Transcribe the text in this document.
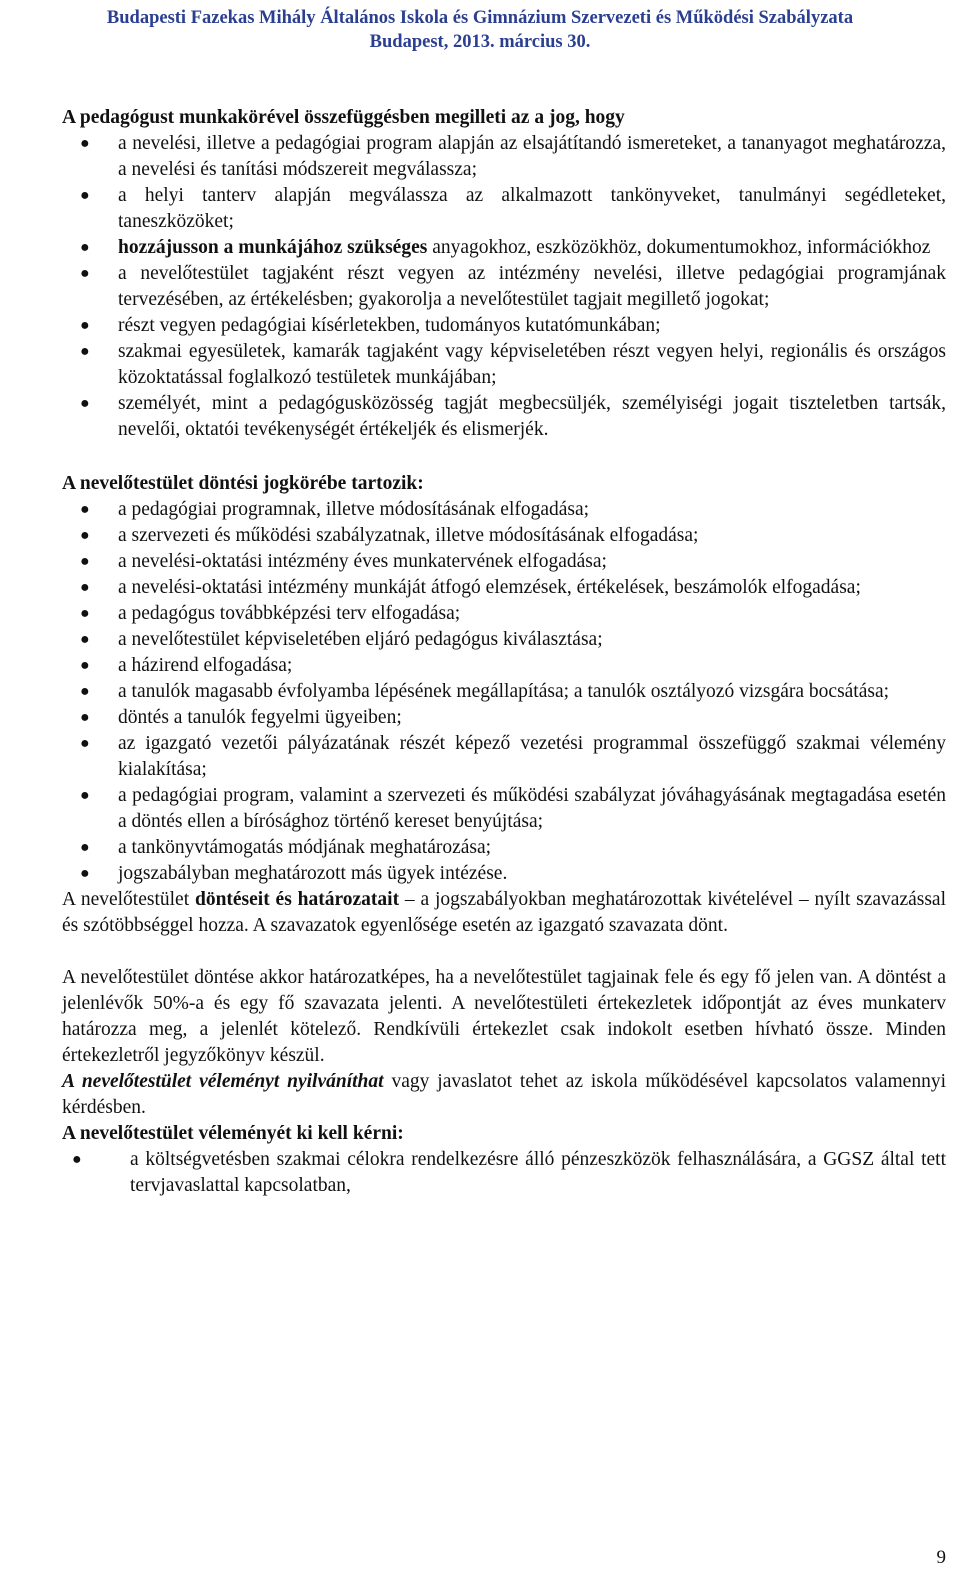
Budapesti Fazekas Mihály Általános Iskola és Gimnázium Szervezeti és Működési Szabályzata
Budapest, 2013. március 30.
A pedagógust munkakörével összefüggésben megilleti az a jog, hogy
● a nevelési, illetve a pedagógiai program alapján az elsajátítandó ismereteket, a tananyagot meghatározza, a nevelési és tanítási módszereit megválassza;
● a helyi tanterv alapján megválassza az alkalmazott tankönyveket, tanulmányi segédleteket, taneszközöket;
● hozzájusson a munkájához szükséges anyagokhoz, eszközökhöz, dokumentumokhoz, információkhoz
● a nevelőtestület tagjaként részt vegyen az intézmény nevelési, illetve pedagógiai programjának tervezésében, az értékelésben; gyakorolja a nevelőtestület tagjait megillető jogokat;
● részt vegyen pedagógiai kísérletekben, tudományos kutatómunkában;
● szakmai egyesületek, kamarák tagjaként vagy képviseletében részt vegyen helyi, regionális és országos közoktatással foglalkozó testületek munkájában;
● személyét, mint a pedagógusközösség tagját megbecsüljék, személyiségi jogait tiszteletben tartsák, nevelői, oktatói tevékenységét értékeljék és elismerjék.
A nevelőtestület döntési jogkörébe tartozik:
● a pedagógiai programnak, illetve módosításának elfogadása;
● a szervezeti és működési szabályzatnak, illetve módosításának elfogadása;
● a nevelési-oktatási intézmény éves munkatervének elfogadása;
● a nevelési-oktatási intézmény munkáját átfogó elemzések, értékelések, beszámolók elfogadása;
● a pedagógus továbbképzési terv elfogadása;
● a nevelőtestület képviseletében eljáró pedagógus kiválasztása;
● a házirend elfogadása;
● a tanulók magasabb évfolyamba lépésének megállapítása; a tanulók osztályozó vizsgára bocsátása;
● döntés a tanulók fegyelmi ügyeiben;
● az igazgató vezetői pályázatának részét képező vezetési programmal összefüggő szakmai vélemény kialakítása;
● a pedagógiai program, valamint a szervezeti és működési szabályzat jóváhagyásának megtagadása esetén a döntés ellen a bírósághoz történő kereset benyújtása;
● a tankönyvtámogatás módjának meghatározása;
● jogszabályban meghatározott más ügyek intézése.

A nevelőtestület döntéseit és határozatait – a jogszabályokban meghatározottak kivételével – nyílt szavazással és szótöbbséggel hozza. A szavazatok egyenlősége esetén az igazgató szavazata dönt.

A nevelőtestület döntése akkor határozatképes, ha a nevelőtestület tagjainak fele és egy fő jelen van. A döntést a jelenlévők 50%-a és egy fő szavazata jelenti. A nevelőtestületi értekezletek időpontját az éves munkaterv határozza meg, a jelenlét kötelező. Rendkívüli értekezlet csak indokolt esetben hívható össze. Minden értekezletről jegyzőkönyv készül.

A nevelőtestület véleményt nyilváníthat vagy javaslatot tehet az iskola működésével kapcsolatos valamennyi kérdésben.

A nevelőtestület véleményét ki kell kérni:
● a költségvetésben szakmai célokra rendelkezésre álló pénzeszközök felhasználására, a GGSZ által tett tervjavaslattal kapcsolatban,
9
